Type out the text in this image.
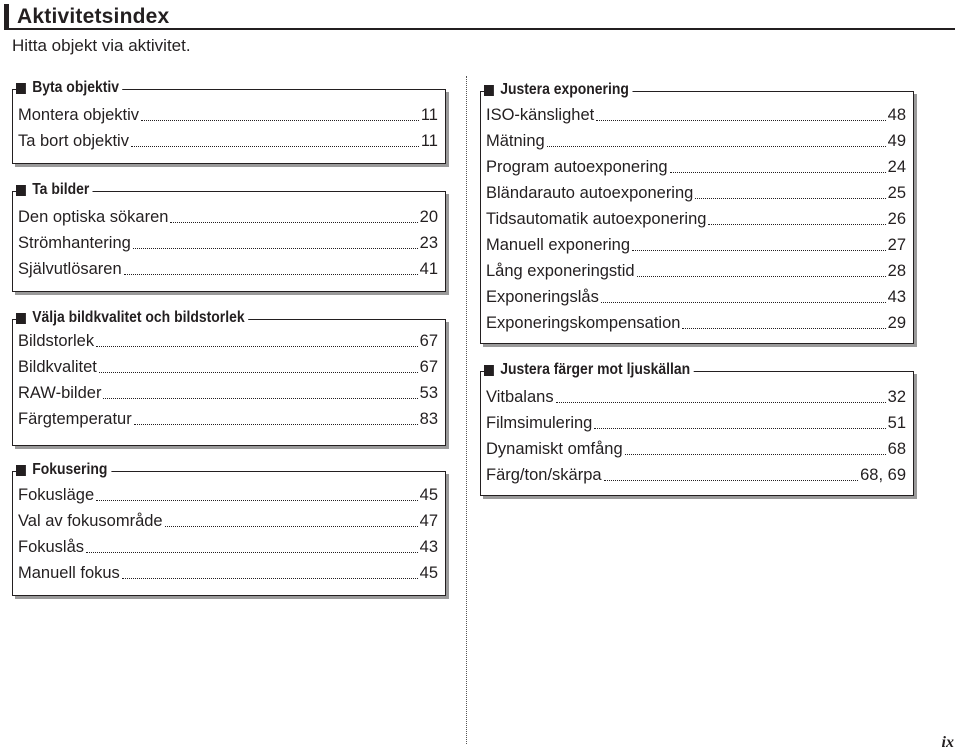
Aktivitetsindex
Hitta objekt via aktivitet.
Byta objektiv
Montera objektiv	11
Ta bort objektiv	11
Ta bilder
Den optiska sökaren	20
Strömhantering	23
Självutlösaren	41
Välja bildkvalitet och bildstorlek
Bildstorlek	67
Bildkvalitet	67
RAW-bilder	53
Färgtemperatur	83
Fokusering
Fokusläge	45
Val av fokusområde	47
Fokuslås	43
Manuell fokus	45
Justera exponering
ISO-känslighet	48
Mätning	49
Program autoexponering	24
Bländarauto autoexponering	25
Tidsautomatik autoexponering	26
Manuell exponering	27
Lång exponeringstid	28
Exponeringslås	43
Exponeringskompensation	29
Justera färger mot ljuskällan
Vitbalans	32
Filmsimulering	51
Dynamiskt omfång	68
Färg/ton/skärpa	68, 69
ix
